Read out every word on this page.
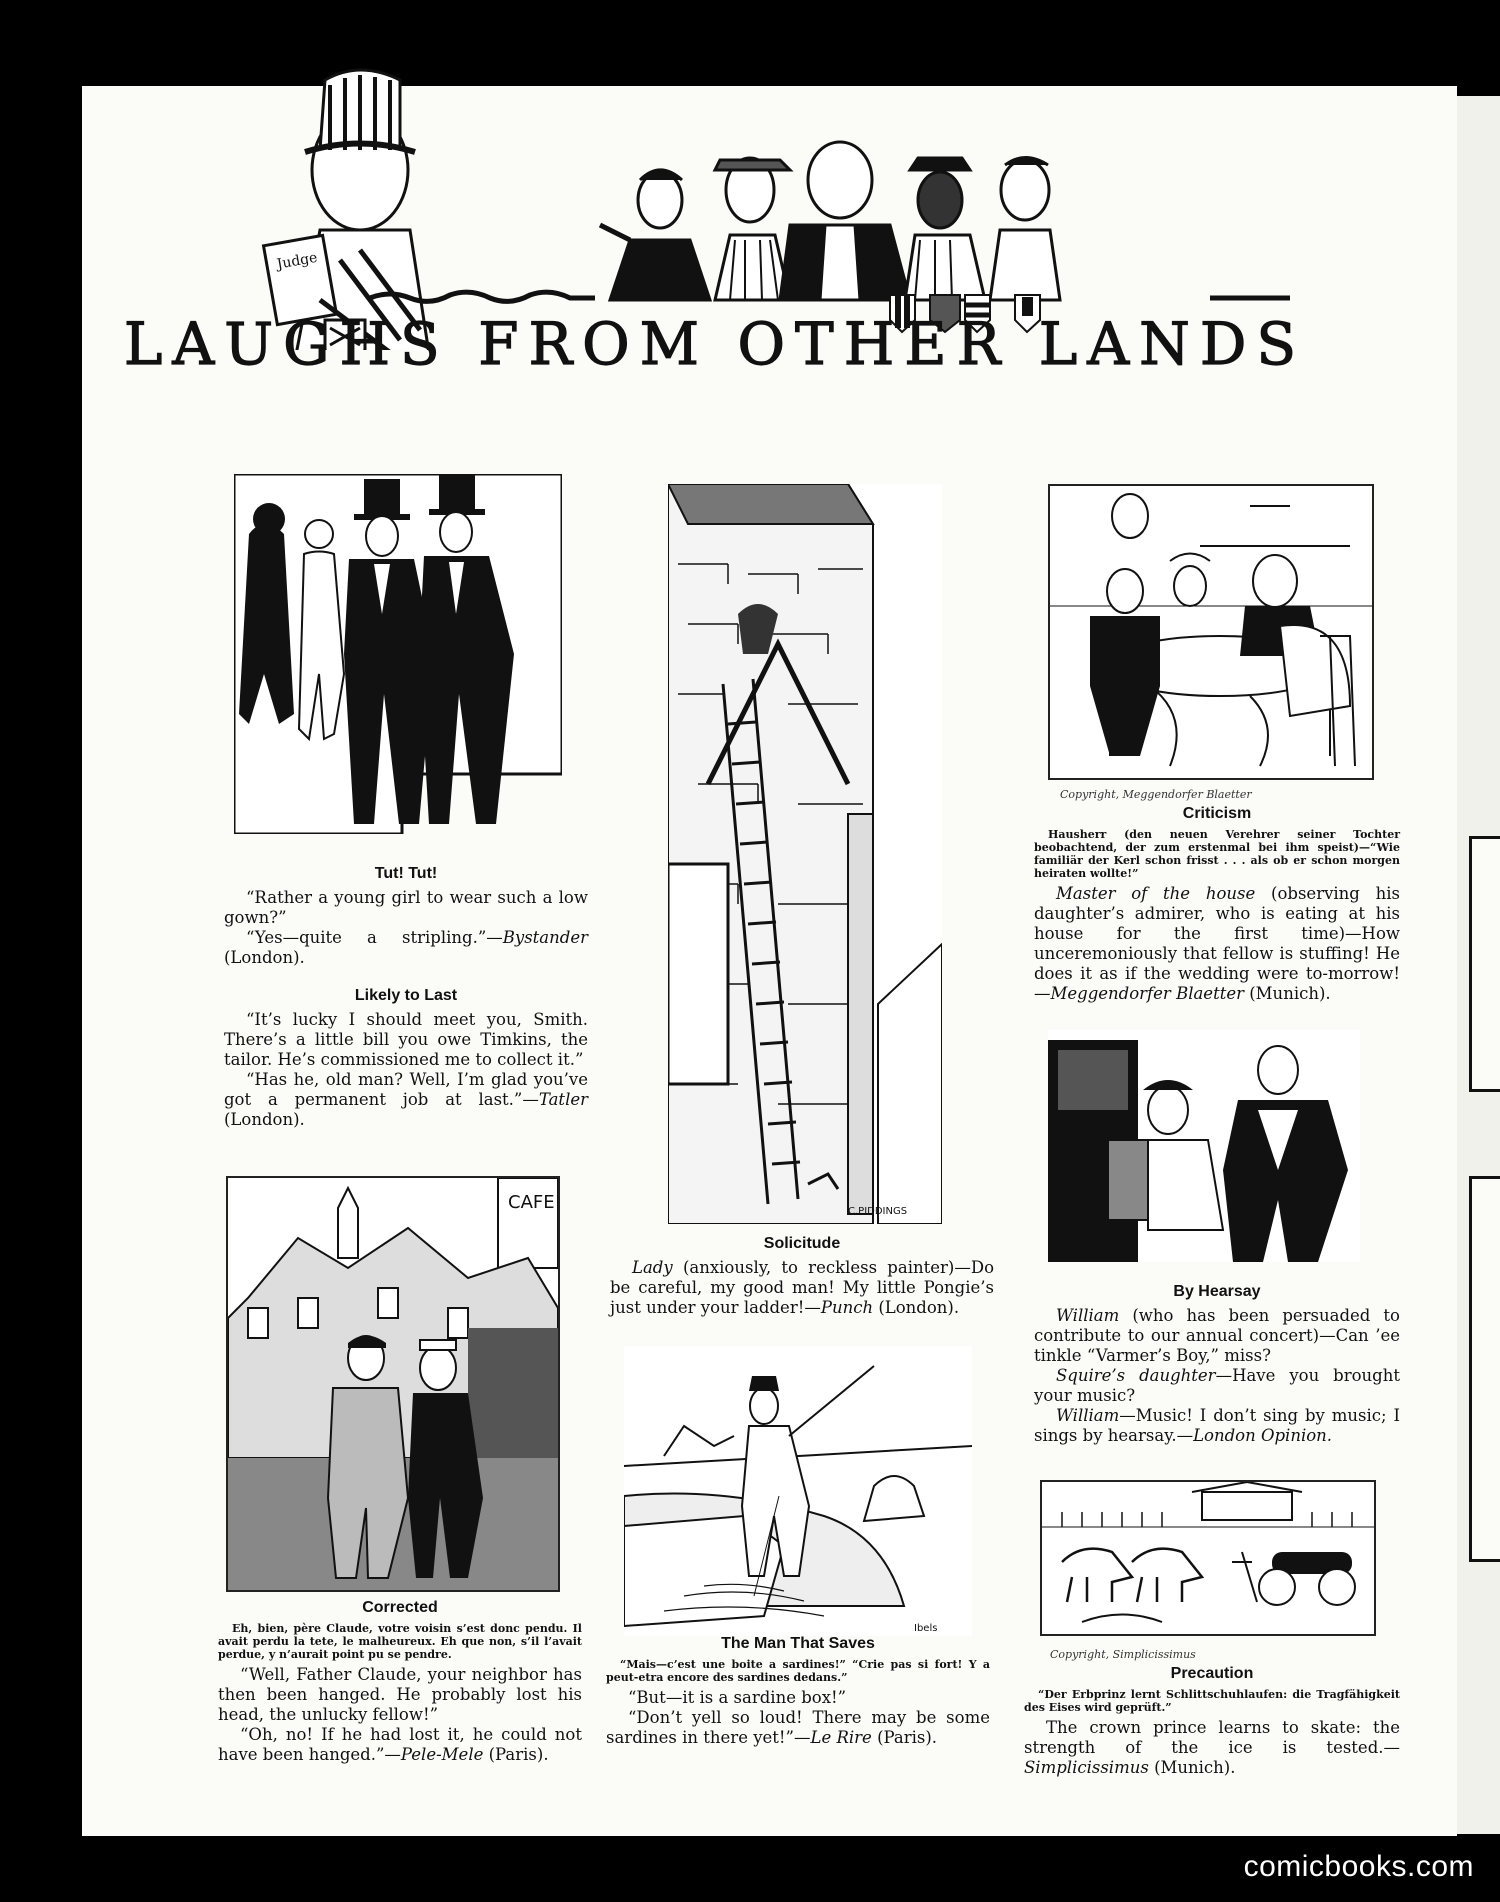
Judge
LAUGHS FROM OTHER LANDS
Tut! Tut!

“Rather a young girl to wear such a low gown?”

“Yes—quite a stripling.”—Bystander (London).

Likely to Last

“It’s lucky I should meet you, Smith. There’s a little bill you owe Timkins, the tailor. He’s commissioned me to collect it.”

“Has he, old man? Well, I’m glad you’ve got a permanent job at last.”—Tatler (London).

CAFE
Corrected

Eh, bien, père Claude, votre voisin s’est donc pendu. Il avait perdu la tete, le malheureux. Eh que non, s’il l’avait perdue, y n’aurait point pu se pendre.

“Well, Father Claude, your neighbor has then been hanged. He probably lost his head, the unlucky fellow!”

“Oh, no! If he had lost it, he could not have been hanged.”—Pele-Mele (Paris).

C.PIDDINGS
Solicitude

Lady (anxiously, to reckless painter)—Do be careful, my good man! My little Pongie’s just under your ladder!—Punch (London).

Ibels
The Man That Saves

“Mais—c’est une boite a sardines!” “Crie pas si fort! Y a peut-etra encore des sardines dedans.”

“But—it is a sardine box!”

“Don’t yell so loud! There may be some sardines in there yet!”—Le Rire (Paris).

Copyright, Meggendorfer Blaetter
Criticism

Hausherr (den neuen Verehrer seiner Tochter beobachtend, der zum erstenmal bei ihm speist)—“Wie familiär der Kerl schon frisst . . . als ob er schon morgen heiraten wollte!”

Master of the house (observing his daughter’s admirer, who is eating at his house for the first time)—How unceremoniously that fellow is stuffing! He does it as if the wedding were to-morrow! —Meggendorfer Blaetter (Munich).

By Hearsay

William (who has been persuaded to contribute to our annual concert)—Can ’ee tinkle “Varmer’s Boy,” miss?

Squire’s daughter—Have you brought your music?

William—Music! I don’t sing by music; I sings by hearsay.—London Opinion.

Copyright, Simplicissimus
Precaution

“Der Erbprinz lernt Schlittschuhlaufen: die Tragfähigkeit des Eises wird geprüft.”

The crown prince learns to skate: the strength of the ice is tested.—Simplicissimus (Munich).

comicbooks.com
